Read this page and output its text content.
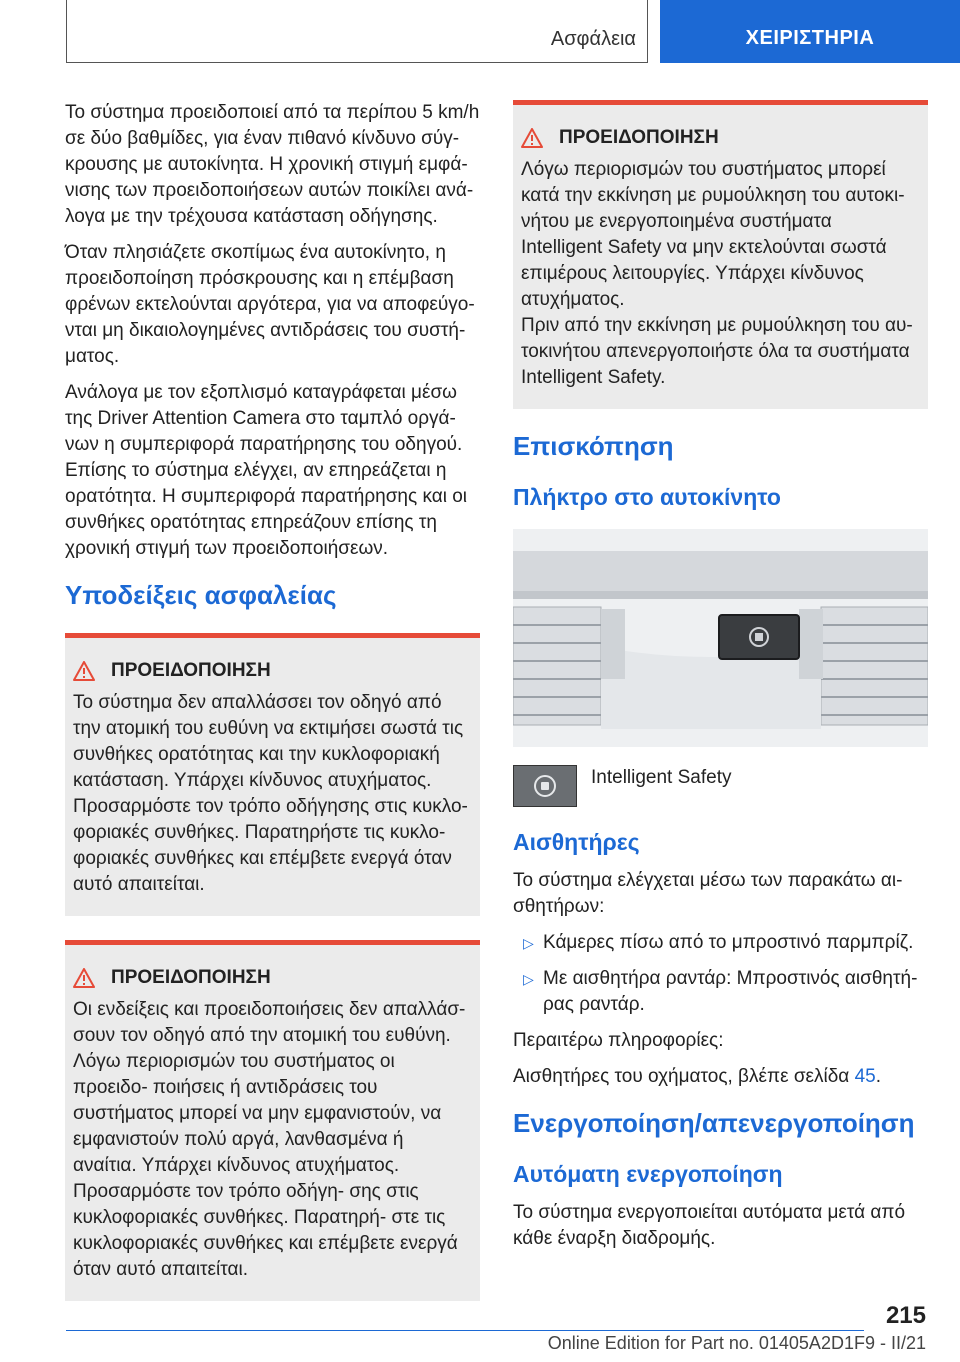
Ασφάλεια	ΧΕΙΡΙΣΤΗΡΙΑ

Το σύστημα προειδοποιεί από τα περίπου 5 km/h σε δύο βαθμίδες, για έναν πιθανό κίνδυνο σύγ‐ κρουσης με αυτοκίνητα. Η χρονική στιγμή εμφά‐ νισης των προειδοποιήσεων αυτών ποικίλει ανά‐ λογα με την τρέχουσα κατάσταση οδήγησης.

Όταν πλησιάζετε σκοπίμως ένα αυτοκίνητο, η προειδοποίηση πρόσκρουσης και η επέμβαση φρένων εκτελούνται αργότερα, για να αποφεύγο‐ νται μη δικαιολογημένες αντιδράσεις του συστή‐ ματος.

Ανάλογα με τον εξοπλισμό καταγράφεται μέσω της Driver Attention Camera στο ταμπλό οργά‐ νων η συμπεριφορά παρατήρησης του οδηγού. Επίσης το σύστημα ελέγχει, αν επηρεάζεται η ορατότητα. Η συμπεριφορά παρατήρησης και οι συνθήκες ορατότητας επηρεάζουν επίσης τη χρονική στιγμή των προειδοποιήσεων.

Υποδείξεις ασφαλείας
ΠΡΟΕΙΔΟΠΟΙΗΣΗ

Το σύστημα δεν απαλλάσσει τον οδηγό από την ατομική του ευθύνη να εκτιμήσει σωστά τις συνθήκες ορατότητας και την κυκλοφοριακή κατάσταση. Υπάρχει κίνδυνος ατυχήματος. Προσαρμόστε τον τρόπο οδήγησης στις κυκλο‐ φοριακές συνθήκες. Παρατηρήστε τις κυκλο‐ φοριακές συνθήκες και επέμβετε ενεργά όταν αυτό απαιτείται.

ΠΡΟΕΙΔΟΠΟΙΗΣΗ

Οι ενδείξεις και προειδοποιήσεις δεν απαλλάσ‐ σουν τον οδηγό από την ατομική του ευθύνη. Λόγω περιορισμών του συστήματος οι προειδο‐ ποιήσεις ή αντιδράσεις του συστήματος μπορεί να μην εμφανιστούν, να εμφανιστούν πολύ αργά, λανθασμένα ή αναίτια. Υπάρχει κίνδυνος ατυχήματος. Προσαρμόστε τον τρόπο οδήγη‐ σης στις κυκλοφοριακές συνθήκες. Παρατηρή‐ στε τις κυκλοφοριακές συνθήκες και επέμβετε ενεργά όταν αυτό απαιτείται.

ΠΡΟΕΙΔΟΠΟΙΗΣΗ

Λόγω περιορισμών του συστήματος μπορεί κατά την εκκίνηση με ρυμούλκηση του αυτοκι‐ νήτου με ενεργοποιημένα συστήματα Intelligent Safety να μην εκτελούνται σωστά επιμέρους λειτουργίες. Υπάρχει κίνδυνος ατυχήματος.

Πριν από την εκκίνηση με ρυμούλκηση του αυ‐ τοκινήτου απενεργοποιήστε όλα τα συστήματα Intelligent Safety.

Επισκόπηση
Πλήκτρο στο αυτοκίνητο
Intelligent Safety
Αισθητήρες

Το σύστημα ελέγχεται μέσω των παρακάτω αι‐ σθητήρων:

▷ Κάμερες πίσω από το μπροστινό παρμπρίζ.
▷ Με αισθητήρα ραντάρ: Μπροστινός αισθητή‐ ρας ραντάρ.

Περαιτέρω πληροφορίες:

Αισθητήρες του οχήματος, βλέπε σελίδα 45.

Ενεργοποίηση/απενεργοποίηση
Αυτόματη ενεργοποίηση

Το σύστημα ενεργοποιείται αυτόματα μετά από κάθε έναρξη διαδρομής.

215
Online Edition for Part no. 01405A2D1F9 - II/21
